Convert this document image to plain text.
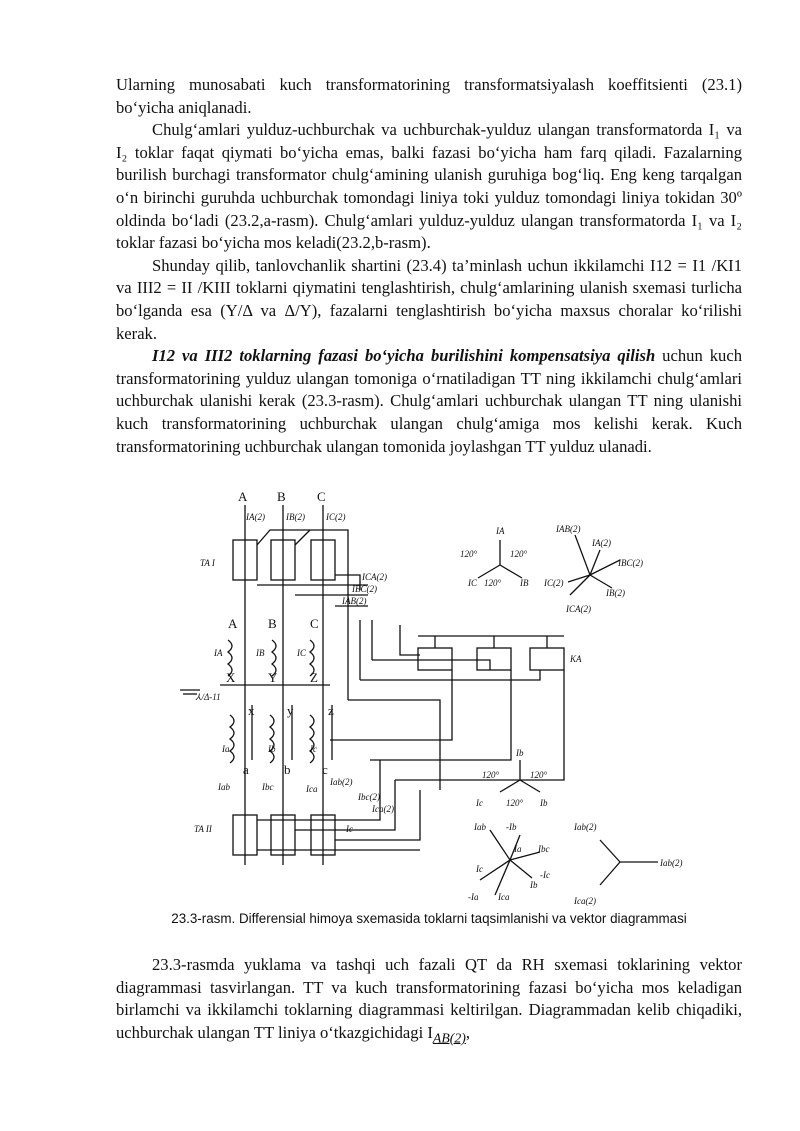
Ularning munosabati kuch transformatorining transformatsiyalash koeffitsienti (23.1) bo‘yicha aniqlanadi.

Chulg‘amlari yulduz-uchburchak va uchburchak-yulduz ulangan transformatorda I₁ va I₂ toklar faqat qiymati bo‘yicha emas, balki fazasi bo‘yicha ham farq qiladi. Fazalarning burilish burchagi transformator chulg‘amining ulanish guruhiga bog‘liq. Eng keng tarqalgan o‘n birinchi guruhda uchburchak tomondagi liniya toki yulduz tomondagi liniya tokidan 30º oldinda bo‘ladi (23.2,a-rasm). Chulg‘amlari yulduz-yulduz ulangan transformatorda I₁ va I₂ toklar fazasi bo‘yicha mos keladi(23.2,b-rasm).

Shunday qilib, tanlovchanlik shartini (23.4) ta’minlash uchun ikkilamchi I12 = I1 /KI1 va III2 = II /KIІI toklarni qiymatini tenglashtirish, chulg‘amlarining ulanish sxemasi turlicha bo‘lganda esa (Y/Δ va Δ/Y), fazalarni tenglashtirish bo‘yicha maxsus choralar ko‘rilishi kerak.

I12 va III2 toklarning fazasi bo‘yicha burilishini kompensatsiya qilish uchun kuch transformatorining yulduz ulangan tomoniga o‘rnatiladigan TT ning ikkilamchi chulg‘amlari uchburchak ulanishi kerak (23.3-rasm). Chulg‘amlari uchburchak ulangan TT ning ulanishi kuch transformatorining uchburchak ulangan chulg‘amiga mos kelishi kerak. Kuch transformatorining uchburchak ulangan tomonida joylashgan TT yulduz ulanadi.

A B C
IA(2) IB(2) IC(2)
TA I
ICA(2)
IBC(2)
IAB(2)
A B	C
IA	IB	IC
X	Y	Z
⅄/Δ-11
x	y	z
Ia	Ib	Ic
a	b c
Iab	Ibc	Ica
Iab(2)
Ibc(2)
Ica(2)
TA II	Ic
KA
120°	120°
120°
IA
IB
IC
IAB(2)
IA(2)
IBC(2)
IB(2)
ICA(2)
IC(2)
Ib
120°	120°
120°
Ic	Ib
Iab -Ib
Ia Ibc
Ic
-Ic
Ib
-Ia Ica
Iab(2)
Iab(2)
Ica(2)
23.3-rasm. Differensial himoya sxemasida toklarni taqsimlanishi va vektor diagrammasi

23.3-rasmda yuklama va tashqi uch fazali QT da RH sxemasi toklarining vektor diagrammasi tasvirlangan. TT va kuch transformatorining fazasi bo‘yicha mos keladigan birlamchi va ikkilamchi toklarning diagrammasi keltirilgan. Diagrammadan kelib chiqadiki, uchburchak ulangan TT liniya o‘tkazgichidagi $I_{AB(2)}$,
